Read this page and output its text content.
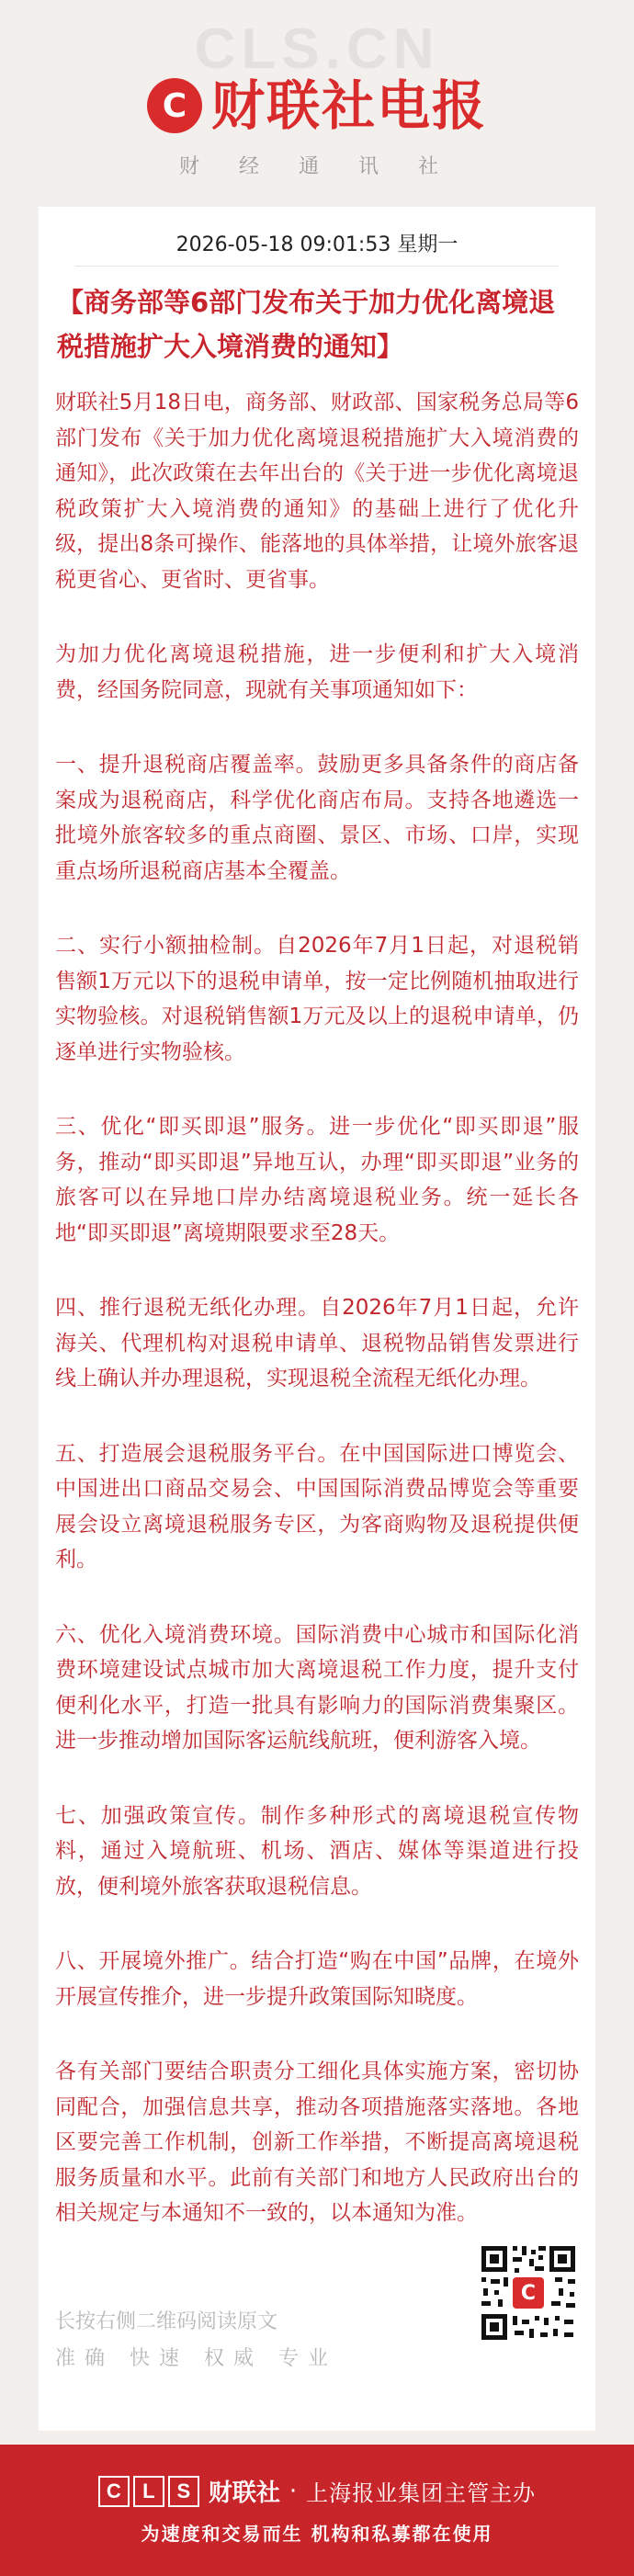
CLS.CN
C 财联社电报
财 经 通 讯 社
2026-05-18 09:01:53 星期一
【商务部等6部门发布关于加力优化离境退税措施扩大入境消费的通知】

财联社5月18日电，商务部、财政部、国家税务总局等6部门发布《关于加力优化离境退税措施扩大入境消费的通知》，此次政策在去年出台的《关于进一步优化离境退税政策扩大入境消费的通知》的基础上进行了优化升级，提出8条可操作、能落地的具体举措，让境外旅客退税更省心、更省时、更省事。

为加力优化离境退税措施，进一步便利和扩大入境消费，经国务院同意，现就有关事项通知如下：

一、提升退税商店覆盖率。鼓励更多具备条件的商店备案成为退税商店，科学优化商店布局。支持各地遴选一批境外旅客较多的重点商圈、景区、市场、口岸，实现重点场所退税商店基本全覆盖。

二、实行小额抽检制。自2026年7月1日起，对退税销售额1万元以下的退税申请单，按一定比例随机抽取进行实物验核。对退税销售额1万元及以上的退税申请单，仍逐单进行实物验核。

三、优化“即买即退”服务。进一步优化“即买即退”服务，推动“即买即退”异地互认，办理“即买即退”业务的旅客可以在异地口岸办结离境退税业务。统一延长各地“即买即退”离境期限要求至28天。

四、推行退税无纸化办理。自2026年7月1日起，允许海关、代理机构对退税申请单、退税物品销售发票进行线上确认并办理退税，实现退税全流程无纸化办理。

五、打造展会退税服务平台。在中国国际进口博览会、中国进出口商品交易会、中国国际消费品博览会等重要展会设立离境退税服务专区，为客商购物及退税提供便利。

六、优化入境消费环境。国际消费中心城市和国际化消费环境建设试点城市加大离境退税工作力度，提升支付便利化水平，打造一批具有影响力的国际消费集聚区。进一步推动增加国际客运航线航班，便利游客入境。

七、加强政策宣传。制作多种形式的离境退税宣传物料，通过入境航班、机场、酒店、媒体等渠道进行投放，便利境外旅客获取退税信息。

八、开展境外推广。结合打造“购在中国”品牌，在境外开展宣传推介，进一步提升政策国际知晓度。

各有关部门要结合职责分工细化具体实施方案，密切协同配合，加强信息共享，推动各项措施落实落地。各地区要完善工作机制，创新工作举措，不断提高离境退税服务质量和水平。此前有关部门和地方人民政府出台的相关规定与本通知不一致的，以本通知为准。

长按右侧二维码阅读原文
准确 快速 权威 专业
C
C	L	S 财联社 · 上海报业集团主管主办
为速度和交易而生 机构和私募都在使用
